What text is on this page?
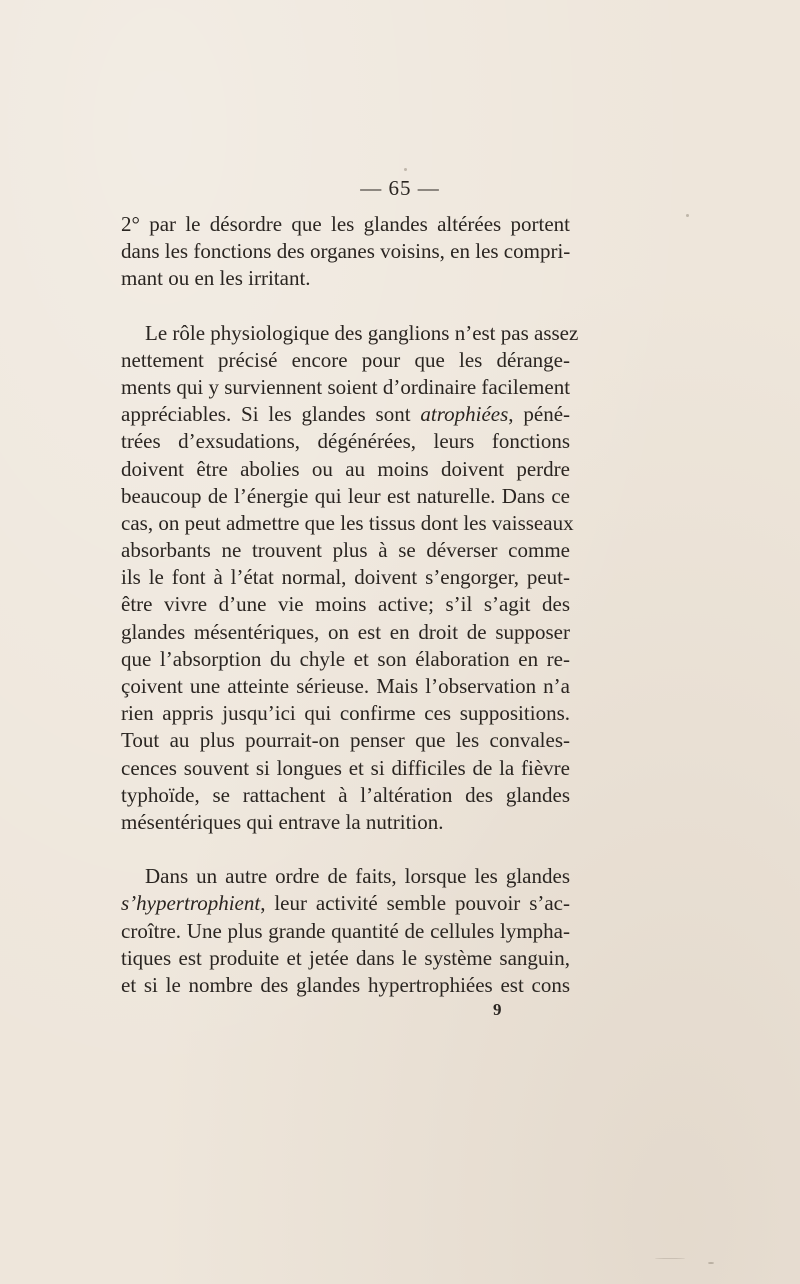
— 65 —
2° par le désordre que les glandes altérées portent
dans les fonctions des organes voisins, en les compri-
mant ou en les irritant.
Le rôle physiologique des ganglions n’est pas assez
nettement précisé encore pour que les dérange-
ments qui y surviennent soient d’ordinaire facilement
appréciables. Si les glandes sont atrophiées, péné-
trées d’exsudations, dégénérées, leurs fonctions
doivent être abolies ou au moins doivent perdre
beaucoup de l’énergie qui leur est naturelle. Dans ce
cas, on peut admettre que les tissus dont les vaisseaux
absorbants ne trouvent plus à se déverser comme
ils le font à l’état normal, doivent s’engorger, peut-
être vivre d’une vie moins active; s’il s’agit des
glandes mésentériques, on est en droit de supposer
que l’absorption du chyle et son élaboration en re-
çoivent une atteinte sérieuse. Mais l’observation n’a
rien appris jusqu’ici qui confirme ces suppositions.
Tout au plus pourrait-on penser que les convales-
cences souvent si longues et si difficiles de la fièvre
typhoïde, se rattachent à l’altération des glandes
mésentériques qui entrave la nutrition.
Dans un autre ordre de faits, lorsque les glandes
s’hypertrophient, leur activité semble pouvoir s’ac-
croître. Une plus grande quantité de cellules lympha-
tiques est produite et jetée dans le système sanguin,
et si le nombre des glandes hypertrophiées est cons
9
